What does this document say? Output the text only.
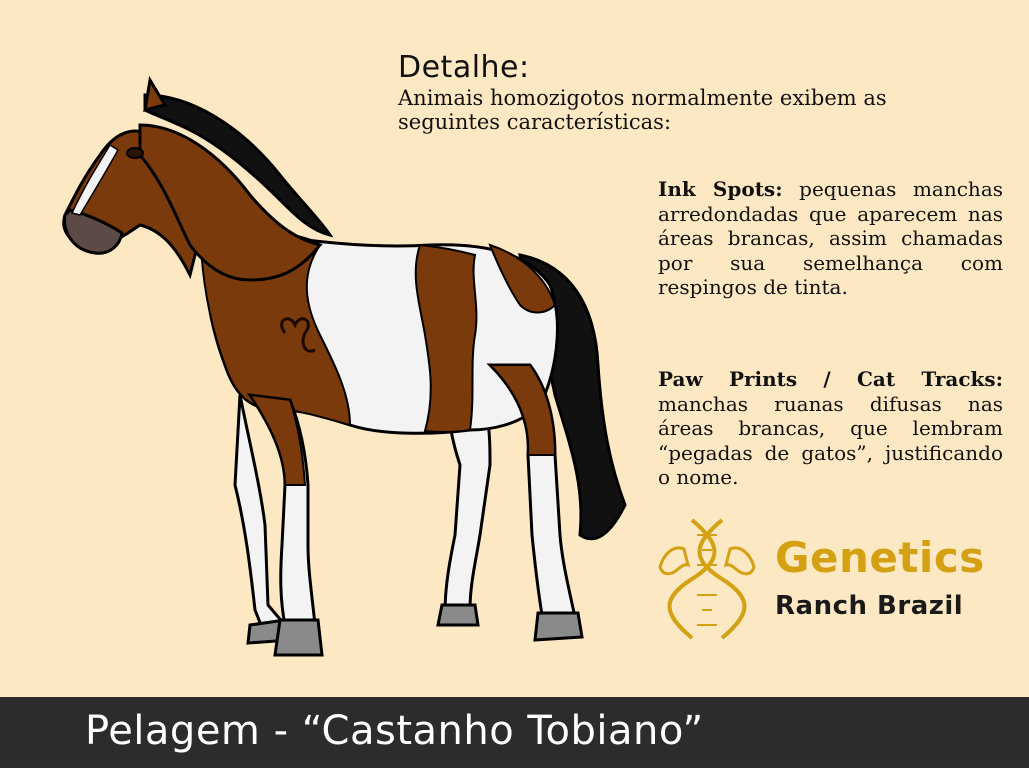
Detalhe:
Animais homozigotos normalmente exibem as seguintes características:
Ink Spots: pequenas manchas arredondadas que aparecem nas áreas brancas, assim chamadas por sua semelhança com respingos de tinta.
Paw Prints / Cat Tracks: manchas ruanas difusas nas áreas brancas, que lembram “pegadas de gatos”, justificando o nome.
Genetics
Ranch Brazil
Pelagem - “Castanho Tobiano”
